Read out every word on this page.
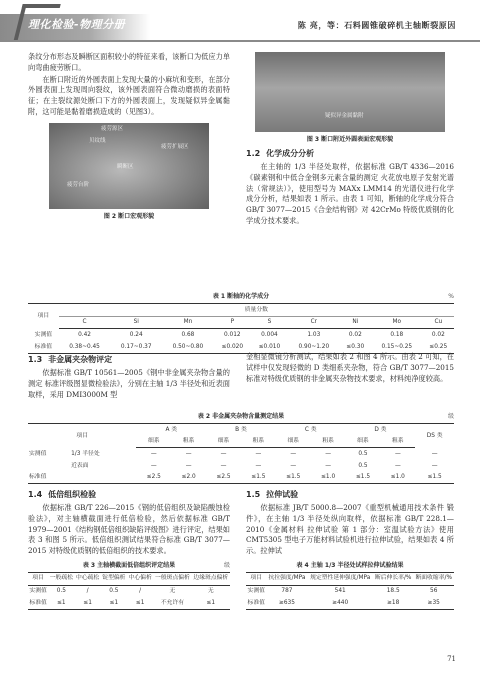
理化检验-物理分册	陈 亮，等：石料圆锥破碎机主轴断裂原因

条纹分布形态及瞬断区面积较小的特征来看，该断口为低应力单向弯曲疲劳断口。

在断口附近的外圆表面上发现大量的小麻坑和变形，在部分外圆表面上发现周向裂纹，该外圆表面符合微动磨损的表面特征；在主裂纹源处断口下方的外圆表面上，发现疑似异金属黏附，这可能是黏着磨损造成的（见图3）。

疲劳源区
贝纹线
疲劳扩展区
瞬断区
疲劳台阶
图 2 断口宏观形貌
疑似异金属黏附
图 3 断口附近外圆表面宏观形貌
1.2 化学成分分析

在主轴的 1/3 半径处取样，依据标准 GB/T 4336—2016《碳素钢和中低合金钢多元素含量的测定 火花放电原子发射光谱法（常规法）》，使用型号为 MAXx LMM14 的光谱仪进行化学成分分析，结果如表 1 所示。由表 1 可知，断轴的化学成分符合 GB/T 3077—2015《合金结构钢》对 42CrMo 特级优质钢的化学成分技术要求。

表 1 断轴的化学成分	%
项目	质量分数								
	C	Si	Mn	P	S	Cr	Ni	Mo	Cu
实测值	0.42	0.24	0.68	0.012	0.004	1.03	0.02	0.18	0.02
标准值	0.38~0.45	0.17~0.37	0.50~0.80	≤0.020	≤0.010	0.90~1.20	≤0.30	0.15~0.25	≤0.25
1.3 非金属夹杂物评定

依据标准 GB/T 10561—2005《钢中非金属夹杂物含量的测定 标准评级图显微检验法》，分别在主轴 1/3 半径处和近表面取样，采用 DMI3000M 型

金相显微镜分析测试，结果如表 2 和图 4 所示。由表 2 可知，在试样中仅发现轻微的 D 类细系夹杂物，符合 GB/T 3077—2015 标准对特级优质钢的非金属夹杂物技术要求，材料纯净度较高。

表 2 非金属夹杂物含量测定结果	级
项目		A 类		B 类		C 类		D 类		DS 类
		细系	粗系	细系	粗系	细系	粗系	细系	粗系	
实测值	1/3 半径处	—	—	—	—	—	—	0.5	—	—
	近表面	—	—	—	—	—	—	0.5	—	—
标准值		≤2.5	≤2.0	≤2.5	≤1.5	≤1.5	≤1.0	≤1.5	≤1.0	≤1.5
1.4 低倍组织检验

依据标准 GB/T 226—2015《钢的低倍组织及缺陷酸蚀检验法》，对主轴横截面进行低倍检验，然后依据标准 GB/T 1979—2001《结构钢低倍组织缺陷评级图》进行评定，结果如表 3 和图 5 所示。低倍组织测试结果符合标准 GB/T 3077—2015 对特级优质钢的低倍组织的技术要求。

表 3 主轴横截面低倍组织评定结果	级
项目	一般疏松	中心疏松	锭型偏析	中心偏析	一般斑点偏析	边缘斑点偏析
实测值	0.5	/	0.5	/	无	无
标准值	≤1	≤1	≤1	≤1	不允许有	≤1
1.5 拉伸试验

依据标准 JB/T 5000.8—2007《重型机械通用技术条件 锻件》，在主轴 1/3 半径处纵向取样，依据标准 GB/T 228.1—2010《金属材料 拉伸试验 第 1 部分：室温试验方法》使用 CMT5305 型电子万能材料试验机进行拉伸试验，结果如表 4 所示。拉伸试

表 4 主轴 1/3 半径处试样拉伸试验结果
项目	抗拉强度/MPa	规定塑性延伸强度/MPa	断后伸长率/%	断面收缩率/%
实测值	787	541	18.5	56
标准值	≥635	≥440	≥18	≥35
71
